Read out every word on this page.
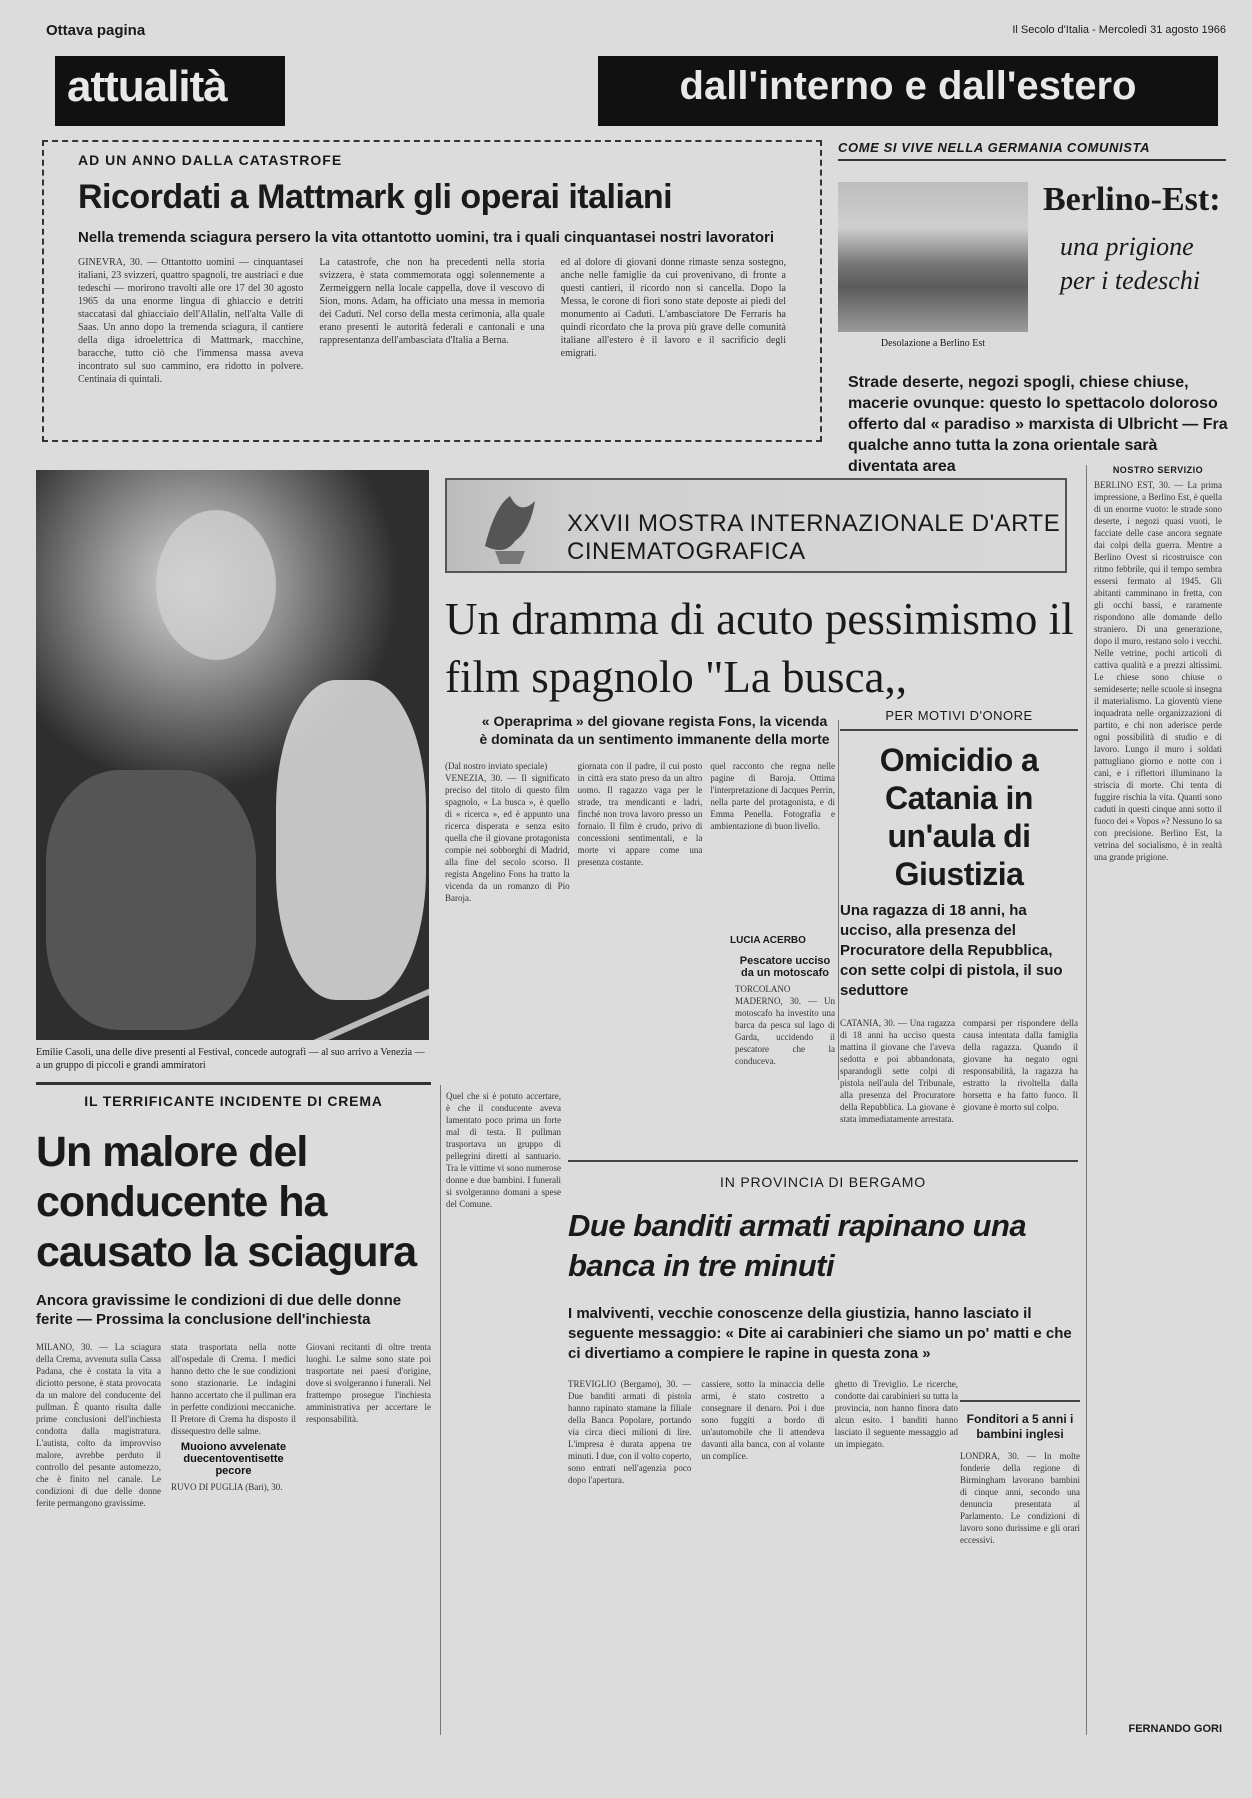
Ottava pagina	Il Secolo d'Italia - Mercoledì 31 agosto 1966
attualità	dall'interno e dall'estero
AD UN ANNO DALLA CATASTROFE
Ricordati a Mattmark gli operai italiani
Nella tremenda sciagura persero la vita ottantotto uomini, tra i quali cinquantasei nostri lavoratori
GINEVRA, 30. — Ottantotto uomini — cinquantasei italiani, 23 svizzeri, quattro spagnoli, tre austriaci e due tedeschi — morirono travolti alle ore 17 del 30 agosto 1965 da una enorme lingua di ghiaccio e detriti staccatasi dal ghiacciaio dell'Allalin, nell'alta Valle di Saas. Un anno dopo la tremenda sciagura, il cantiere della diga idroelettrica di Mattmark, macchine, baracche, tutto ciò che l'immensa massa aveva incontrato sul suo cammino, era ridotto in polvere. Centinaia di quintali.
La catastrofe, che non ha precedenti nella storia svizzera, è stata commemorata oggi solennemente a Zermeiggern nella locale cappella, dove il vescovo di Sion, mons. Adam, ha officiato una messa in memoria dei Caduti. Nel corso della mesta cerimonia, alla quale erano presenti le autorità federali e cantonali e una rappresentanza dell'ambasciata d'Italia a Berna.
ed al dolore di giovani donne rimaste senza sostegno, anche nelle famiglie da cui provenivano, di fronte a questi cantieri, il ricordo non si cancella. Dopo la Messa, le corone di fiori sono state deposte ai piedi del monumento ai Caduti. L'ambasciatore De Ferraris ha quindi ricordato che la prova più grave delle comunità italiane all'estero è il lavoro e il sacrificio degli emigrati.
COME SI VIVE NELLA GERMANIA COMUNISTA
Desolazione a Berlino Est
Berlino-Est:
una prigione per i tedeschi
Strade deserte, negozi spogli, chiese chiuse, macerie ovunque: questo lo spettacolo doloroso offerto dal « paradiso » marxista di Ulbricht — Fra qualche anno tutta la zona orientale sarà diventata area	NOSTRO SERVIZIO
BERLINO EST, 30. — La prima impressione, a Berlino Est, è quella di un enorme vuoto: le strade sono deserte, i negozi quasi vuoti, le facciate delle case ancora segnate dai colpi della guerra. Mentre a Berlino Ovest si ricostruisce con ritmo febbrile, qui il tempo sembra essersi fermato al 1945. Gli abitanti camminano in fretta, con gli occhi bassi, e raramente rispondono alle domande dello straniero. Di una generazione, dopo il muro, restano solo i vecchi. Nelle vetrine, pochi articoli di cattiva qualità e a prezzi altissimi. Le chiese sono chiuse o semideserte; nelle scuole si insegna il materialismo. La gioventù viene inquadrata nelle organizzazioni di partito, e chi non aderisce perde ogni possibilità di studio e di lavoro. Lungo il muro i soldati pattugliano giorno e notte con i cani, e i riflettori illuminano la striscia di morte. Chi tenta di fuggire rischia la vita. Quanti sono caduti in questi cinque anni sotto il fuoco dei « Vopos »? Nessuno lo sa con precisione. Berlino Est, la vetrina del socialismo, è in realtà una grande prigione.
FERNANDO GORI
Emilie Casoli, una delle dive presenti al Festival, concede autografi — al suo arrivo a Venezia — a un gruppo di piccoli e grandi ammiratori
IL TERRIFICANTE INCIDENTE DI CREMA
Un malore del conducente ha causato la sciagura
Ancora gravissime le condizioni di due delle donne ferite — Prossima la conclusione dell'inchiesta
MILANO, 30. — La sciagura della Crema, avvenuta sulla Cassa Padana, che è costata la vita a diciotto persone, è stata provocata da un malore del conducente del pullman. È quanto risulta dalle prime conclusioni dell'inchiesta condotta dalla magistratura. L'autista, colto da improvviso malore, avrebbe perduto il controllo del pesante automezzo, che è finito nel canale. Le condizioni di due delle donne ferite permangono gravissime.
stata trasportata nella notte all'ospedale di Crema. I medici hanno detto che le sue condizioni sono stazionarie. Le indagini hanno accertato che il pullman era in perfette condizioni meccaniche. Il Pretore di Crema ha disposto il dissequestro delle salme.
Muoiono avvelenate duecentoventisette pecore
RUVO DI PUGLIA (Bari), 30.
Giovani recitanti di oltre trenta luoghi. Le salme sono state poi trasportate nei paesi d'origine, dove si svolgeranno i funerali. Nel frattempo prosegue l'inchiesta amministrativa per accertare le responsabilità.
XXVII MOSTRA INTERNAZIONALE D'ARTE CINEMATOGRAFICA
Un dramma di acuto pessimismo il film spagnolo "La busca,,
« Operaprima » del giovane regista Fons, la vicenda è dominata da un sentimento immanente della morte
(Dal nostro inviato speciale)
VENEZIA, 30. — Il significato preciso del titolo di questo film spagnolo, « La busca », è quello di « ricerca », ed è appunto una ricerca disperata e senza esito quella che il giovane protagonista compie nei sobborghi di Madrid, alla fine del secolo scorso. Il regista Angelino Fons ha tratto la vicenda da un romanzo di Pio Baroja.
giornata con il padre, il cui posto in città era stato preso da un altro uomo. Il ragazzo vaga per le strade, tra mendicanti e ladri, finché non trova lavoro presso un fornaio. Il film è crudo, privo di concessioni sentimentali, e la morte vi appare come una presenza costante.
quel racconto che regna nelle pagine di Baroja. Ottima l'interpretazione di Jacques Perrin, nella parte del protagonista, e di Emma Penella. Fotografia e ambientazione di buon livello.
LUCIA ACERBO
Pescatore ucciso da un motoscafo
TORCOLANO MADERNO, 30. — Un motoscafo ha investito una barca da pesca sul lago di Garda, uccidendo il pescatore che la conduceva.
PER MOTIVI D'ONORE
Omicidio a Catania in un'aula di Giustizia
Una ragazza di 18 anni, ha ucciso, alla presenza del Procuratore della Repubblica, con sette colpi di pistola, il suo seduttore
CATANIA, 30. — Una ragazza di 18 anni ha ucciso questa mattina il giovane che l'aveva sedotta e poi abbandonata, sparandogli sette colpi di pistola nell'aula del Tribunale, alla presenza del Procuratore della Repubblica. La giovane è stata immediatamente arrestata.
comparsi per rispondere della causa intentata dalla famiglia della ragazza. Quando il giovane ha negato ogni responsabilità, la ragazza ha estratto la rivoltella dalla borsetta e ha fatto fuoco. Il giovane è morto sul colpo.
Quel che si è potuto accertare, è che il conducente aveva lamentato poco prima un forte mal di testa. Il pullman trasportava un gruppo di pellegrini diretti al santuario. Tra le vittime vi sono numerose donne e due bambini. I funerali si svolgeranno domani a spese del Comune.
IN PROVINCIA DI BERGAMO
Due banditi armati rapinano una banca in tre minuti
I malviventi, vecchie conoscenze della giustizia, hanno lasciato il seguente messaggio: « Dite ai carabinieri che siamo un po' matti e che ci divertiamo a compiere le rapine in questa zona »
TREVIGLIO (Bergamo), 30. — Due banditi armati di pistola hanno rapinato stamane la filiale della Banca Popolare, portando via circa dieci milioni di lire. L'impresa è durata appena tre minuti. I due, con il volto coperto, sono entrati nell'agenzia poco dopo l'apertura.
cassiere, sotto la minaccia delle armi, è stato costretto a consegnare il denaro. Poi i due sono fuggiti a bordo di un'automobile che li attendeva davanti alla banca, con al volante un complice.
ghetto di Treviglio. Le ricerche, condotte dai carabinieri su tutta la provincia, non hanno finora dato alcun esito. I banditi hanno lasciato il seguente messaggio ad un impiegato.
Fonditori a 5 anni i bambini inglesi
LONDRA, 30. — In molte fonderie della regione di Birmingham lavorano bambini di cinque anni, secondo una denuncia presentata al Parlamento. Le condizioni di lavoro sono durissime e gli orari eccessivi.
